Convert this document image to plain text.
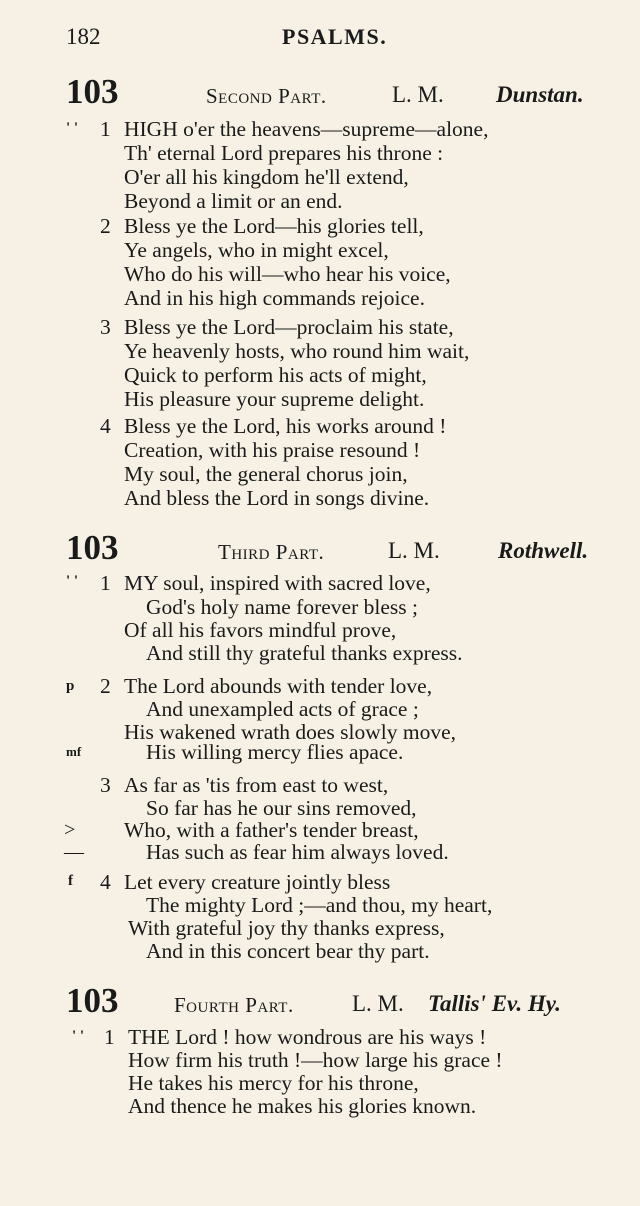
182	PSALMS.
103	Second Part.	L. M. Dunstan.
' ' 1 HIGH o'er the heavens—supreme—alone,
Th' eternal Lord prepares his throne :
O'er all his kingdom he'll extend,
Beyond a limit or an end.
2 Bless ye the Lord—his glories tell,
Ye angels, who in might excel,
Who do his will—who hear his voice,
And in his high commands rejoice.
3 Bless ye the Lord—proclaim his state,
Ye heavenly hosts, who round him wait,
Quick to perform his acts of might,
His pleasure your supreme delight.
4 Bless ye the Lord, his works around !
Creation, with his praise resound !
My soul, the general chorus join,
And bless the Lord in songs divine.
103	Third Part.	L. M.	Rothwell.
' ' 1 MY soul, inspired with sacred love,
God's holy name forever bless ;
Of all his favors mindful prove,
And still thy grateful thanks express.
p 2 The Lord abounds with tender love,
And unexampled acts of grace ;
His wakened wrath does slowly move,
mf	His willing mercy flies apace.
3 As far as 'tis from east to west,
So far has he our sins removed,
> Who, with a father's tender breast,
—	Has such as fear him always loved.
f 4 Let every creature jointly bless
The mighty Lord ;—and thou, my heart,
With grateful joy thy thanks express,
And in this concert bear thy part.
103	Fourth Part.	L. M. Tallis' Ev. Hy.
' ' 1 THE Lord ! how wondrous are his ways !
How firm his truth !—how large his grace !
He takes his mercy for his throne,
And thence he makes his glories known.
